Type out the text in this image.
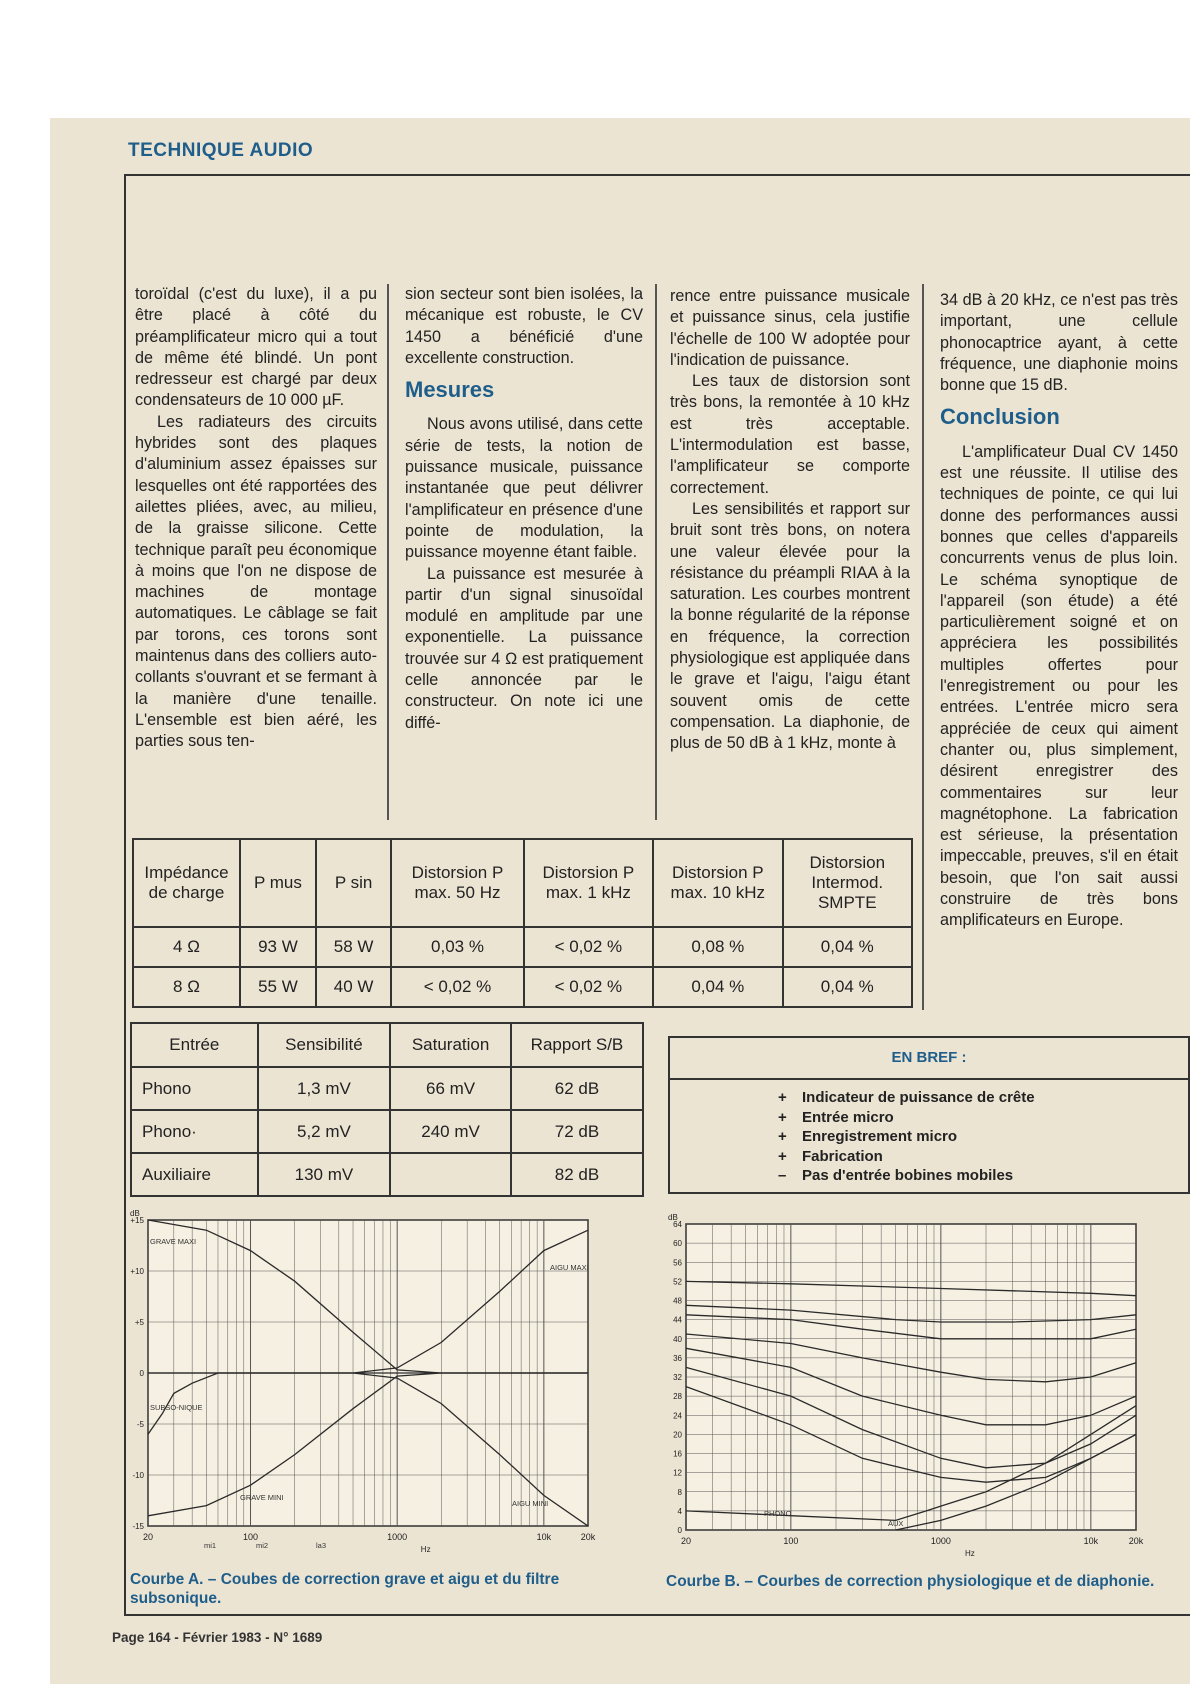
TECHNIQUE AUDIO

toroïdal (c'est du luxe), il a pu être placé à côté du préamplificateur micro qui a tout de même été blindé. Un pont redresseur est chargé par deux condensateurs de 10 000 µF.

Les radiateurs des circuits hybrides sont des plaques d'aluminium assez épaisses sur lesquelles ont été rapportées des ailettes pliées, avec, au milieu, de la graisse silicone. Cette technique paraît peu économique à moins que l'on ne dispose de machines de montage automatiques. Le câblage se fait par torons, ces torons sont maintenus dans des colliers auto-collants s'ouvrant et se fermant à la manière d'une tenaille. L'ensemble est bien aéré, les parties sous ten-

sion secteur sont bien isolées, la mécanique est robuste, le CV 1450 a bénéficié d'une excellente construction.

Mesures

Nous avons utilisé, dans cette série de tests, la notion de puissance musicale, puissance instantanée que peut délivrer l'amplificateur en présence d'une pointe de modulation, la puissance moyenne étant faible.

La puissance est mesurée à partir d'un signal sinusoïdal modulé en amplitude par une exponentielle. La puissance trouvée sur 4 Ω est pratiquement celle annoncée par le constructeur. On note ici une diffé-

rence entre puissance musicale et puissance sinus, cela justifie l'échelle de 100 W adoptée pour l'indication de puissance.

Les taux de distorsion sont très bons, la remontée à 10 kHz est très acceptable. L'intermodulation est basse, l'amplificateur se comporte correctement.

Les sensibilités et rapport sur bruit sont très bons, on notera une valeur élevée pour la résistance du préampli RIAA à la saturation. Les courbes montrent la bonne régularité de la réponse en fréquence, la correction physiologique est appliquée dans le grave et l'aigu, l'aigu étant souvent omis de cette compensation. La diaphonie, de plus de 50 dB à 1 kHz, monte à

34 dB à 20 kHz, ce n'est pas très important, une cellule phonocaptrice ayant, à cette fréquence, une diaphonie moins bonne que 15 dB.

Conclusion

L'amplificateur Dual CV 1450 est une réussite. Il utilise des techniques de pointe, ce qui lui donne des performances aussi bonnes que celles d'appareils concurrents venus de plus loin. Le schéma synoptique de l'appareil (son étude) a été particulièrement soigné et on appréciera les possibilités multiples offertes pour l'enregistrement ou pour les entrées. L'entrée micro sera appréciée de ceux qui aiment chanter ou, plus simplement, désirent enregistrer des commentaires sur leur magnétophone. La fabrication est sérieuse, la présentation impeccable, preuves, s'il en était besoin, que l'on sait aussi construire de très bons amplificateurs en Europe.

Impédance de charge	P mus	P sin	Distorsion P max. 50 Hz	Distorsion P max. 1 kHz	Distorsion P max. 10 kHz	Distorsion Intermod. SMPTE
4 Ω	93 W	58 W	0,03 %	< 0,02 %	0,08 %	0,04 %
8 Ω	55 W	40 W	< 0,02 %	< 0,02 %	0,04 %	0,04 %
Entrée	Sensibilité	Saturation	Rapport S/B
Phono	1,3 mV	66 mV	62 dB
Phono·	5,2 mV	240 mV	72 dB
Auxiliaire	130 mV		82 dB
EN BREF :
+ Indicateur de puissance de crête
+ Entrée micro
+ Enregistrement micro
+ Fabrication
– Pas d'entrée bobines mobiles
+15
+10
+5
0
-5
-10
-15
20	100	1000	10k	20k
dB
Hz
GRAVE MAXI
AIGU MAXI
SUBSO-NIQUE
GRAVE MINI
AIGU MINI
mi1	mi2	la3
64
60
56
52
48
44
40
36
32
28
24
20
16
12
8
4
0
20	100	1000	10k	20k
dB
Hz
PHONO
AUX
Courbe A. – Coubes de correction grave et aigu et du filtre subsonique.
Courbe B. – Courbes de correction physiologique et de diaphonie.
Page 164 - Février 1983 - N° 1689
